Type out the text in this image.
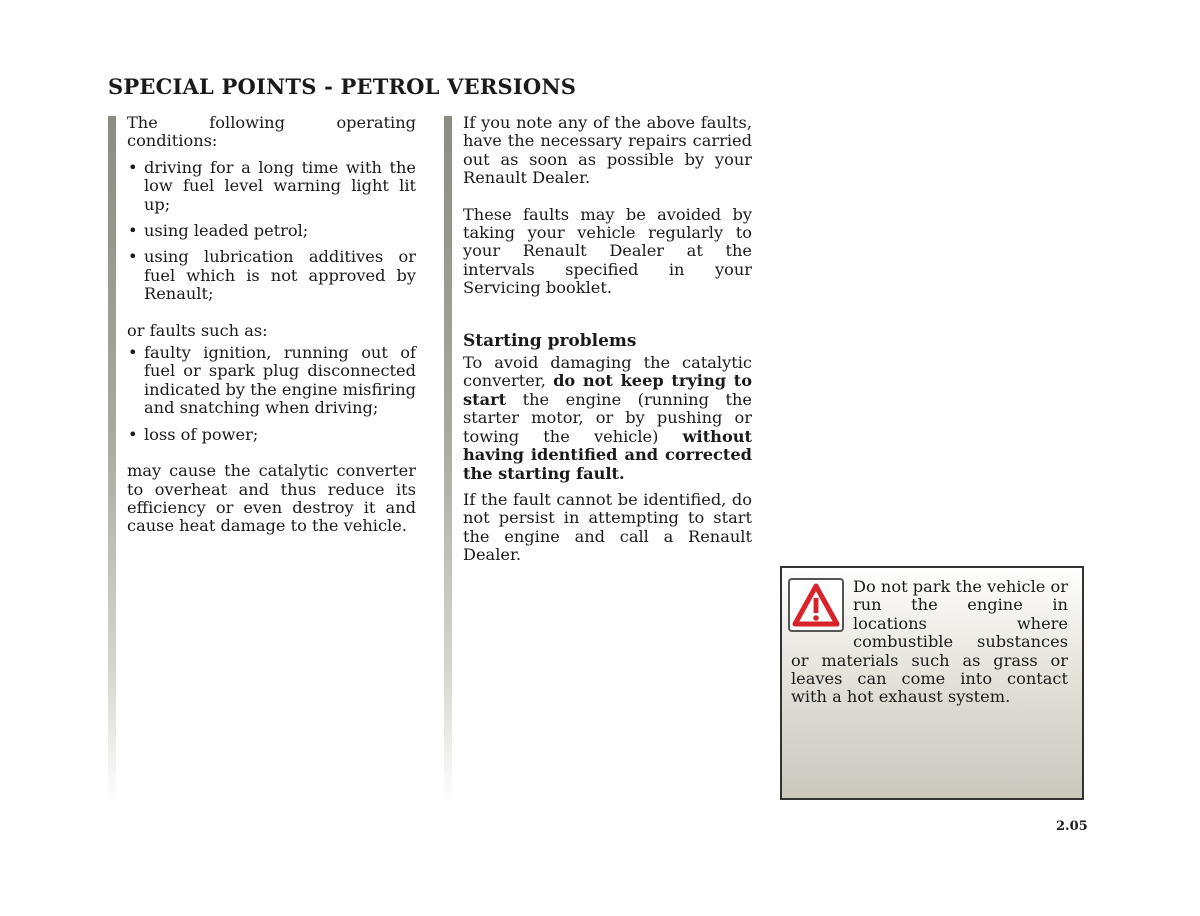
SPECIAL POINTS - PETROL VERSIONS

The following operating conditions:

• driving for a long time with the low fuel level warning light lit up;
• using leaded petrol;
• using lubrication additives or fuel which is not approved by Renault;

or faults such as:

• faulty ignition, running out of fuel or spark plug disconnected indicated by the engine misfiring and snatching when driving;
• loss of power;

may cause the catalytic converter to overheat and thus reduce its efficiency or even destroy it and cause heat damage to the vehicle.

If you note any of the above faults, have the necessary repairs carried out as soon as possible by your Renault Dealer.

These faults may be avoided by taking your vehicle regularly to your Renault Dealer at the intervals specified in your Servicing booklet.

Starting problems

To avoid damaging the catalytic converter, do not keep trying to start the engine (running the starter motor, or by pushing or towing the vehicle) without having identified and corrected the starting fault.

If the fault cannot be identified, do not persist in attempting to start the engine and call a Renault Dealer.

Do not park the vehicle or run the engine in locations where combustible substances or materials such as grass or leaves can come into contact with a hot exhaust system.
2.05
